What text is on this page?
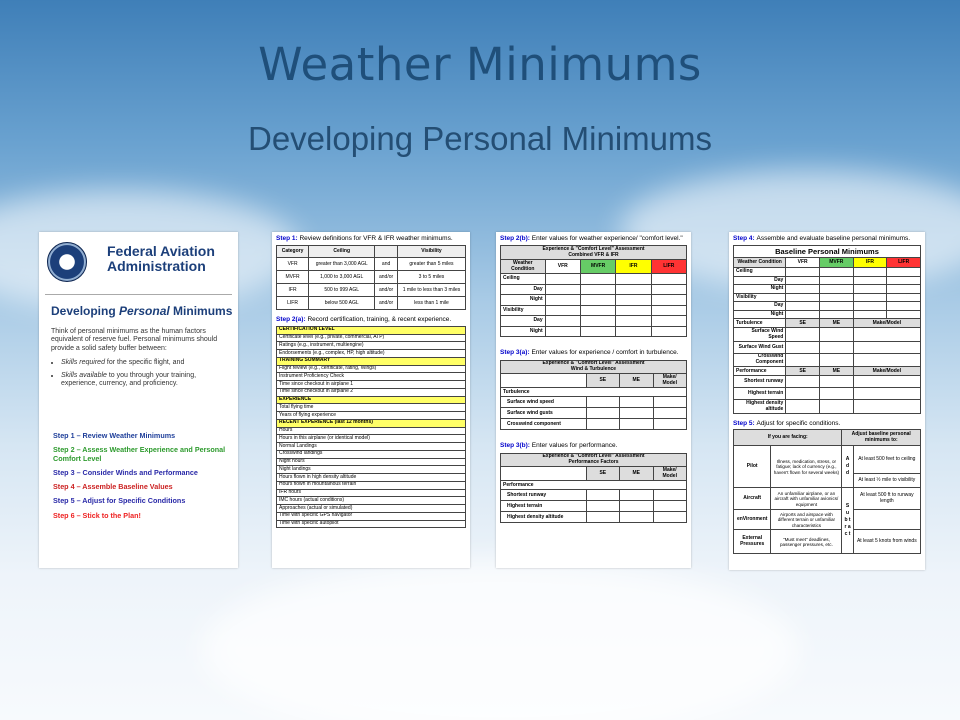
Weather Minimums
Developing Personal Minimums
Federal Aviation Administration
Developing Personal Minimums
Think of personal minimums as the human factors equivalent of reserve fuel. Personal minimums should provide a solid safety buffer between:
• Skills required for the specific flight, and
• Skills available to you through your training, experience, currency, and proficiency.
Step 1 – Review Weather Minimums
Step 2 – Assess Weather Experience and Personal Comfort Level
Step 3 – Consider Winds and Performance
Step 4 – Assemble Baseline Values
Step 5 – Adjust for Specific Conditions
Step 6 – Stick to the Plan!
Step 1: Review definitions for VFR & IFR weather minimums.
Category	Ceiling		Visibility
VFR	greater than 3,000 AGL	and	greater than 5 miles
MVFR	1,000 to 3,000 AGL	and/or	3 to 5 miles
IFR	500 to 999 AGL	and/or	1 mile to less than 3 miles
LIFR	below 500 AGL	and/or	less than 1 mile
Step 2(a): Record certification, training, & recent experience.
CERTIFICATION LEVEL
Certificate level (e.g., private, commercial, ATP)
Ratings (e.g., instrument, multiengine)
Endorsements (e.g., complex, HP, high altitude)
TRAINING SUMMARY
Flight review (e.g., certificate, rating, Wings)
Instrument Proficiency Check
Time since checkout in airplane 1
Time since checkout in airplane 2
EXPERIENCE
Total flying time
Years of flying experience
RECENT EXPERIENCE (last 12 months)
Hours
Hours in this airplane (or identical model)
Normal Landings
Crosswind landings
Night hours
Night landings
Hours flown in high density altitude
Hours flown in mountainous terrain
IFR hours
IMC hours (actual conditions)
Approaches (actual or simulated)
Time with specific GPS navigator
Time with specific autopilot
Step 2(b): Enter values for weather experience/ "comfort level."
Experience & "Comfort Level" Assessment
Combined VFR & IFR				

Weather Condition	VFR	MVFR	IFR	LIFR
Ceiling				
Day				
Night				
Visibility				
Day				
Night				
Step 3(a): Enter values for experience / comfort in turbulence.
Experience & "Comfort Level" Assessment
Wind & Turbulence			

	SE	ME	Make/ Model
Turbulence			
Surface wind speed			
Surface wind gusts			
Crosswind component			
Step 3(b): Enter values for performance.
Experience & "Comfort Level" Assessment
Performance Factors			

	SE	ME	Make/ Model
Performance			
Shortest runway			
Highest terrain			
Highest density altitude			
Step 4: Assemble and evaluate baseline personal minimums.
Baseline Personal Minimums				
Weather Condition	VFR	MVFR	IFR	LIFR
Ceiling				
Day				
Night				
Visibility				
Day				
Night				
Turbulence	SE	ME	Make/Model	
Surface Wind Speed				
Surface Wind Gust				
Crosswind Component				
Performance	SE	ME	Make/Model	
Shortest runway				
Highest terrain				
Highest density altitude				
Step 5: Adjust for specific conditions.
If you are facing:		Adjust baseline personal minimums to:	
Pilot	Illness, medication, stress, or fatigue; lack of currency (e.g., haven't flown for several weeks)	A d d	At least 500 feet to ceiling
			At least ½ mile to visibility
Aircraft	An unfamiliar airplane, or an aircraft with unfamiliar avionics/ equipment	S u b t r a c t	At least 500 ft to runway length
enVironment	Airports and airspace with different terrain or unfamiliar characteristics		
External Pressures	"Must meet" deadlines, passenger pressures, etc.		At least 5 knots from winds
